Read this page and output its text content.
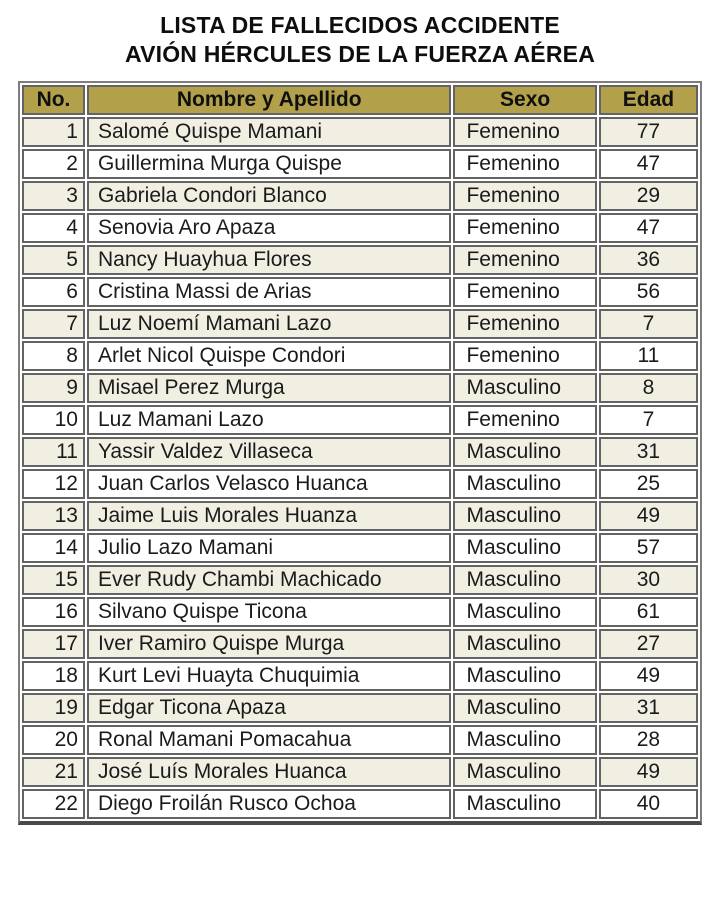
LISTA DE FALLECIDOS ACCIDENTE
AVIÓN HÉRCULES DE LA FUERZA AÉREA
No.	Nombre y Apellido	Sexo	Edad
1	Salomé Quispe Mamani	Femenino	77
2	Guillermina Murga Quispe	Femenino	47
3	Gabriela Condori Blanco	Femenino	29
4	Senovia Aro Apaza	Femenino	47
5	Nancy Huayhua Flores	Femenino	36
6	Cristina Massi de Arias	Femenino	56
7	Luz Noemí Mamani Lazo	Femenino	7
8	Arlet Nicol Quispe Condori	Femenino	11
9	Misael Perez Murga	Masculino	8
10	Luz Mamani Lazo	Femenino	7
11	Yassir Valdez Villaseca	Masculino	31
12	Juan Carlos Velasco Huanca	Masculino	25
13	Jaime Luis Morales Huanza	Masculino	49
14	Julio Lazo Mamani	Masculino	57
15	Ever Rudy Chambi Machicado	Masculino	30
16	Silvano Quispe Ticona	Masculino	61
17	Iver Ramiro Quispe Murga	Masculino	27
18	Kurt Levi Huayta Chuquimia	Masculino	49
19	Edgar Ticona Apaza	Masculino	31
20	Ronal Mamani Pomacahua	Masculino	28
21	José Luís Morales Huanca	Masculino	49
22	Diego Froilán Rusco Ochoa	Masculino	40
